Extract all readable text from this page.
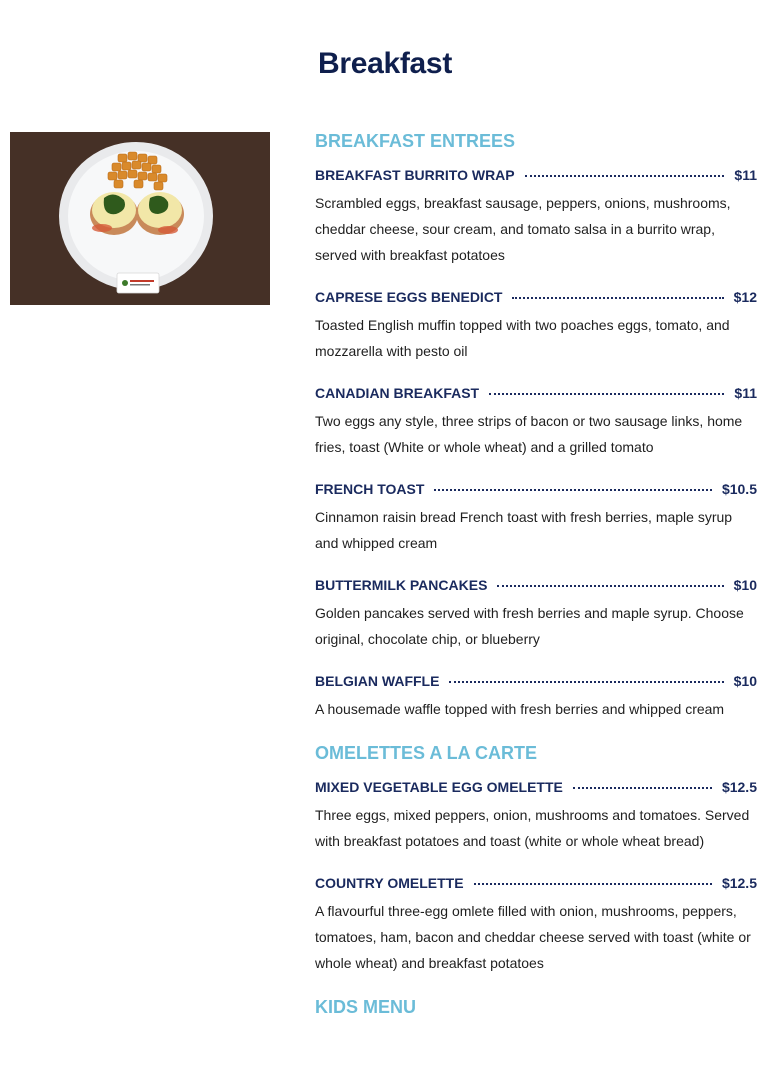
Breakfast
BREAKFAST ENTREES
BREAKFAST BURRITO WRAP	$11

Scrambled eggs, breakfast sausage, peppers, onions, mushrooms, cheddar cheese, sour cream, and tomato salsa in a burrito wrap, served with breakfast potatoes

CAPRESE EGGS BENEDICT	$12

Toasted English muffin topped with two poaches eggs, tomato, and mozzarella with pesto oil

CANADIAN BREAKFAST	$11

Two eggs any style, three strips of bacon or two sausage links, home fries, toast (White or whole wheat) and a grilled tomato

FRENCH TOAST	$10.5

Cinnamon raisin bread French toast with fresh berries, maple syrup and whipped cream

BUTTERMILK PANCAKES	$10

Golden pancakes served with fresh berries and maple syrup. Choose original, chocolate chip, or blueberry

BELGIAN WAFFLE	$10

A housemade waffle topped with fresh berries and whipped cream

OMELETTES A LA CARTE
MIXED VEGETABLE EGG OMELETTE	$12.5

Three eggs, mixed peppers, onion, mushrooms and tomatoes. Served with breakfast potatoes and toast (white or whole wheat bread)

COUNTRY OMELETTE	$12.5

A flavourful three-egg omlete filled with onion, mushrooms, peppers, tomatoes, ham, bacon and cheddar cheese served with toast (white or whole wheat) and breakfast potatoes

KIDS MENU
